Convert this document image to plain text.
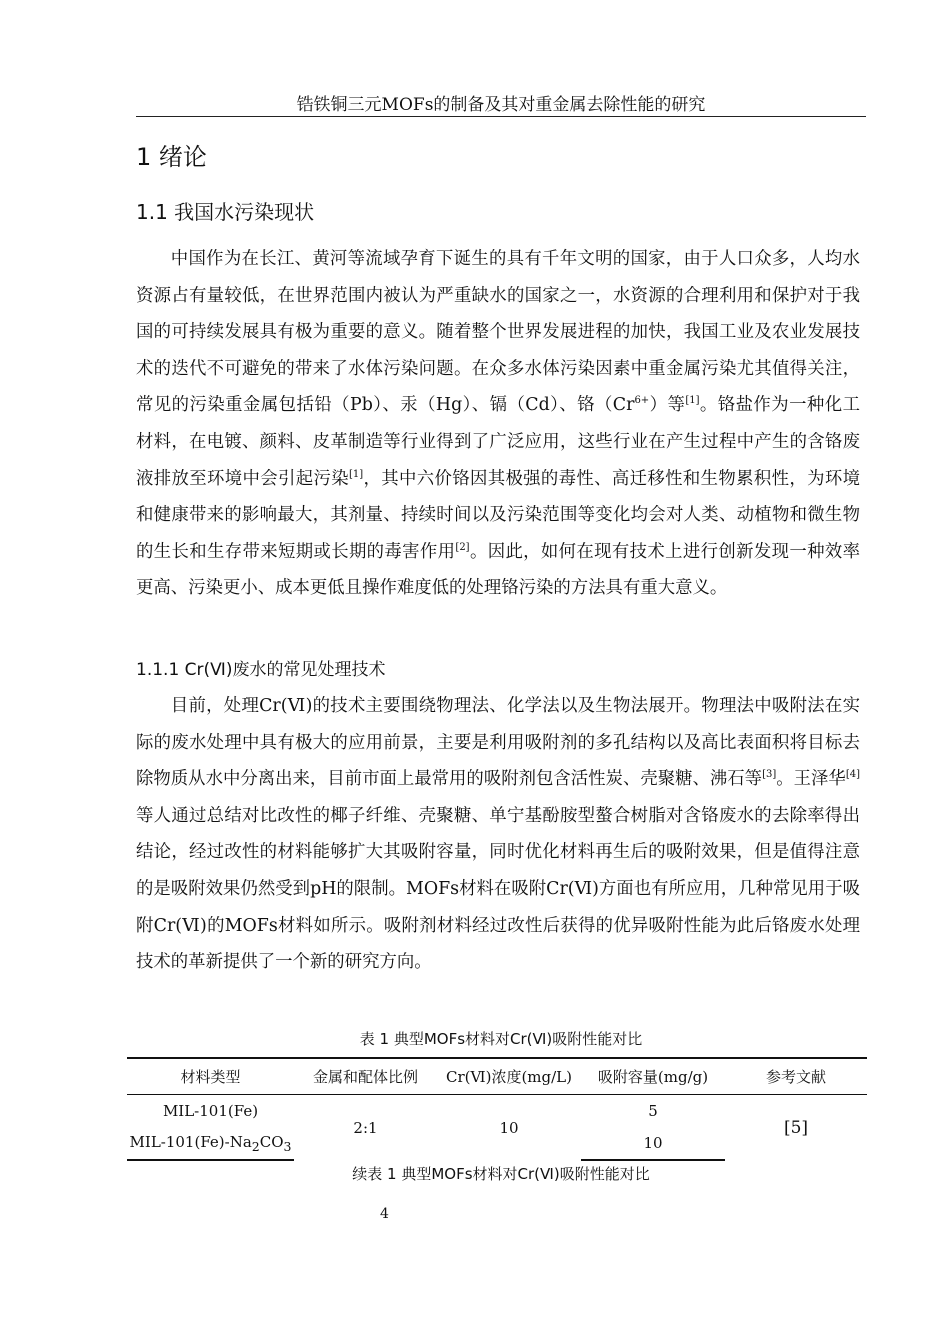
锆铁铜三元MOFs的制备及其对重金属去除性能的研究
1 绪论
1.1 我国水污染现状

中国作为在长江、黄河等流域孕育下诞生的具有千年文明的国家，由于人口众多，人均水资源占有量较低，在世界范围内被认为严重缺水的国家之一，水资源的合理利用和保护对于我国的可持续发展具有极为重要的意义。随着整个世界发展进程的加快，我国工业及农业发展技术的迭代不可避免的带来了水体污染问题。在众多水体污染因素中重金属污染尤其值得关注，常见的污染重金属包括铅（Pb）、汞（Hg）、镉（Cd）、铬$(Cr^{6+})$等[1]。铬盐作为一种化工材料，在电镀、颜料、皮革制造等行业得到了广泛应用，这些行业在产生过程中产生的含铬废液排放至环境中会引起污染[1]，其中六价铬因其极强的毒性、高迁移性和生物累积性，为环境和健康带来的影响最大，其剂量、持续时间以及污染范围等变化均会对人类、动植物和微生物的生长和生存带来短期或长期的毒害作用[2]。因此，如何在现有技术上进行创新发现一种效率更高、污染更小、成本更低且操作难度低的处理铬污染的方法具有重大意义。

1.1.1 Cr(Ⅵ)废水的常见处理技术

目前，处理Cr(Ⅵ)的技术主要围绕物理法、化学法以及生物法展开。物理法中吸附法在实际的废水处理中具有极大的应用前景，主要是利用吸附剂的多孔结构以及高比表面积将目标去除物质从水中分离出来，目前市面上最常用的吸附剂包含活性炭、壳聚糖、沸石等[3]。王泽华[4]等人通过总结对比改性的椰子纤维、壳聚糖、单宁基酚胺型螯合树脂对含铬废水的去除率得出结论，经过改性的材料能够扩大其吸附容量，同时优化材料再生后的吸附效果，但是值得注意的是吸附效果仍然受到pH的限制。MOFs材料在吸附Cr(Ⅵ)方面也有所应用，几种常见用于吸附Cr(Ⅵ)的MOFs材料如所示。吸附剂材料经过改性后获得的优异吸附性能为此后铬废水处理技术的革新提供了一个新的研究方向。

表 1 典型MOFs材料对Cr(Ⅵ)吸附性能对比
材料类型	金属和配体比例	Cr(Ⅵ)浓度(mg/L)	吸附容量(mg/g)	参考文献
MIL-101(Fe)	2:1	10	5	[5]
MIL-$101(Fe)-Na_2CO_3$			10	
续表 1 典型MOFs材料对Cr(Ⅵ)吸附性能对比
4
